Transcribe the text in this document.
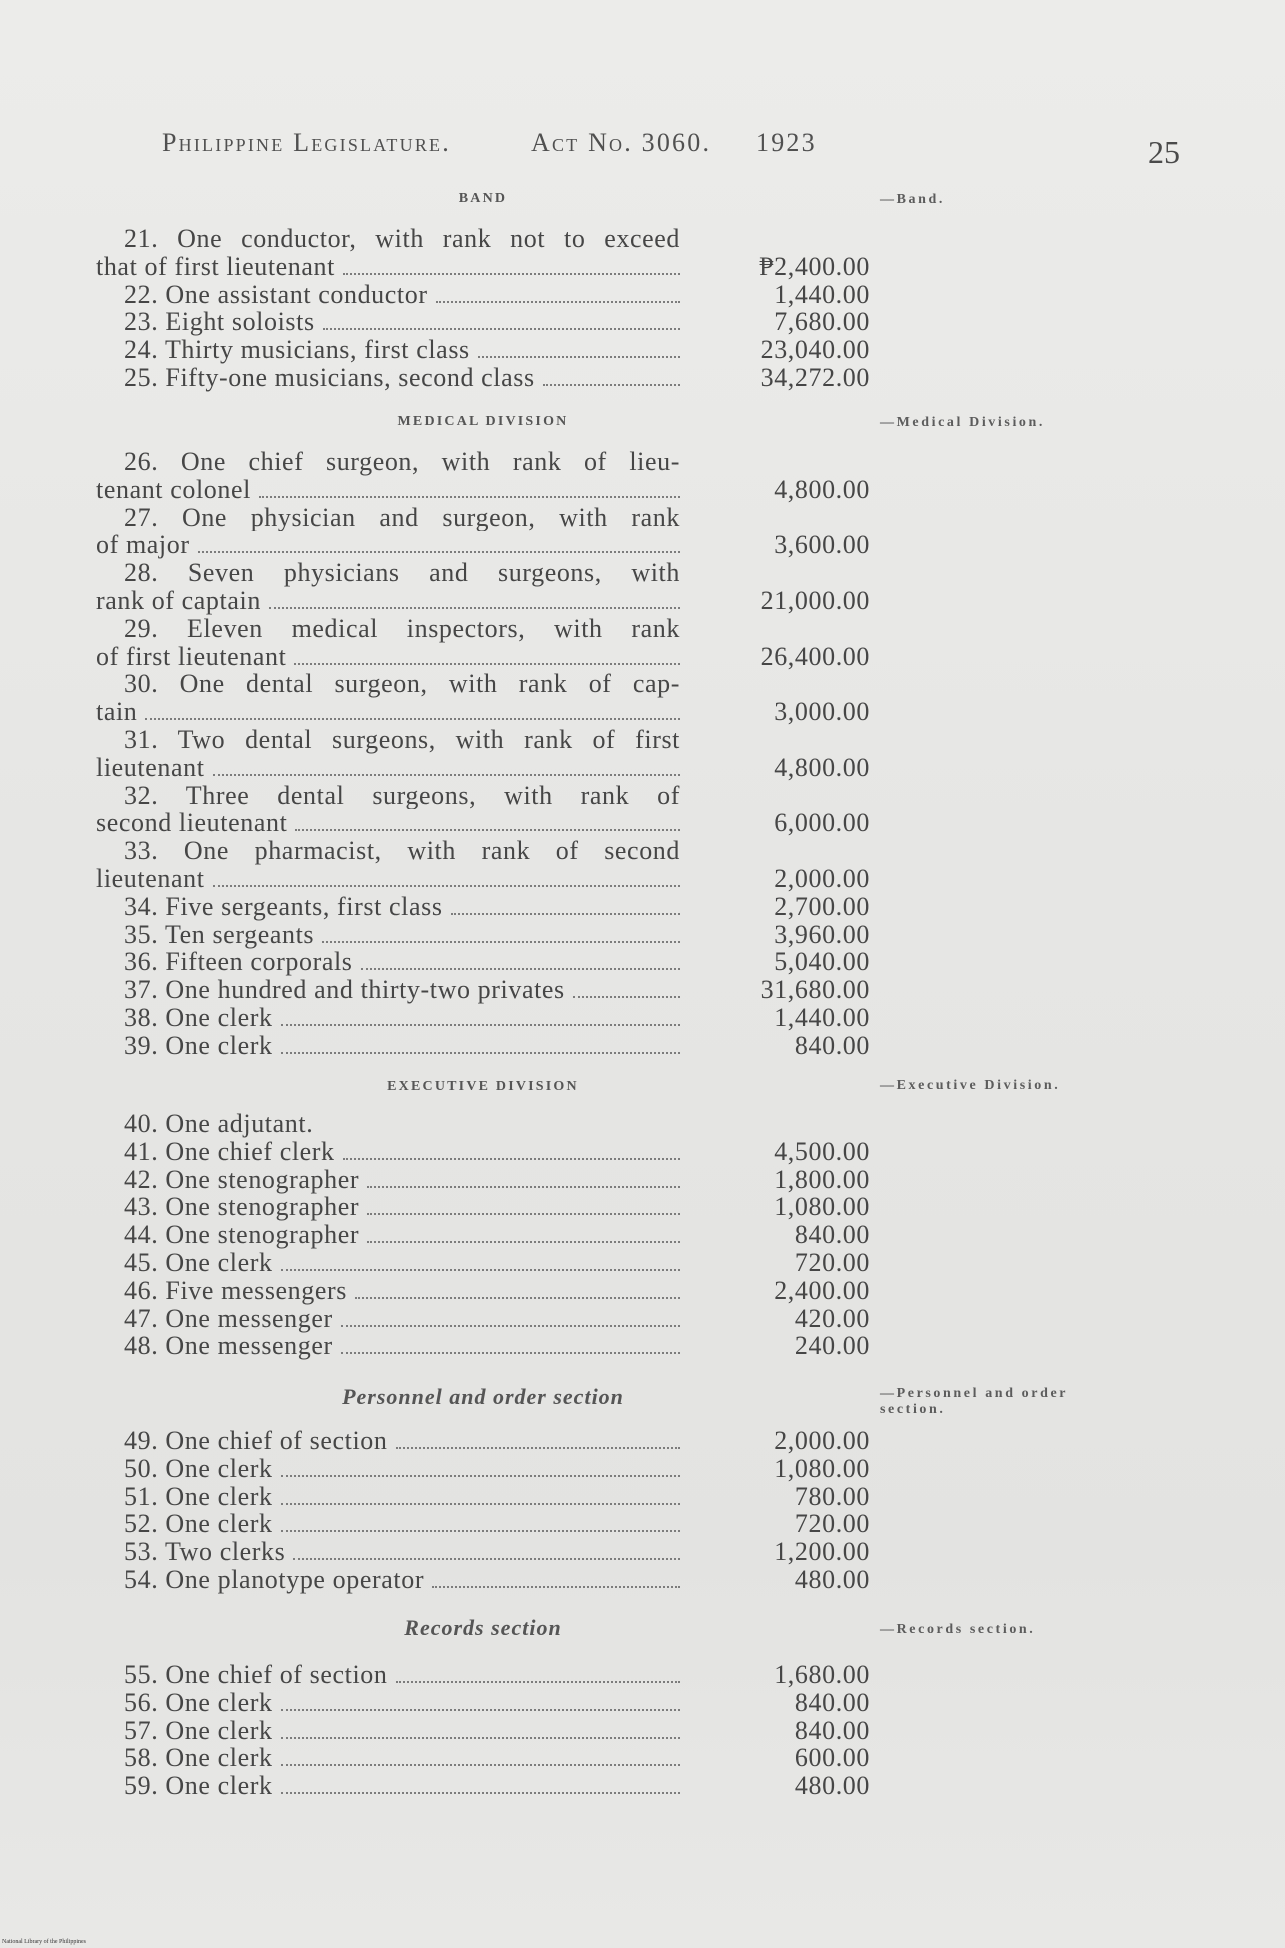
Philippine Legislature.	Act No. 3060. 1923	25
BAND	—Band.
21. One conductor, with rank not to exceed
that of first lieutenant	₱2,400.00
22. One assistant conductor	1,440.00
23. Eight soloists	7,680.00
24. Thirty musicians, first class	23,040.00
25. Fifty-one musicians, second class	34,272.00
MEDICAL DIVISION	—Medical Division.
26. One chief surgeon, with rank of lieu-
tenant colonel	4,800.00
27. One physician and surgeon, with rank
of major	3,600.00
28. Seven physicians and surgeons, with
rank of captain	21,000.00
29. Eleven medical inspectors, with rank
of first lieutenant	26,400.00
30. One dental surgeon, with rank of cap-
tain	3,000.00
31. Two dental surgeons, with rank of first
lieutenant	4,800.00
32. Three dental surgeons, with rank of
second lieutenant	6,000.00
33. One pharmacist, with rank of second
lieutenant	2,000.00
34. Five sergeants, first class	2,700.00
35. Ten sergeants	3,960.00
36. Fifteen corporals	5,040.00
37. One hundred and thirty-two privates	31,680.00
38. One clerk	1,440.00
39. One clerk	840.00
EXECUTIVE DIVISION	—Executive Division.
40. One adjutant.
41. One chief clerk	4,500.00
42. One stenographer	1,800.00
43. One stenographer	1,080.00
44. One stenographer	840.00
45. One clerk	720.00
46. Five messengers	2,400.00
47. One messenger	420.00
48. One messenger	240.00
Personnel and order section	—Personnel and order section.
49. One chief of section	2,000.00
50. One clerk	1,080.00
51. One clerk	780.00
52. One clerk	720.00
53. Two clerks	1,200.00
54. One planotype operator	480.00
Records section	—Records section.
55. One chief of section	1,680.00
56. One clerk	840.00
57. One clerk	840.00
58. One clerk	600.00
59. One clerk	480.00
National Library of the Philippines
